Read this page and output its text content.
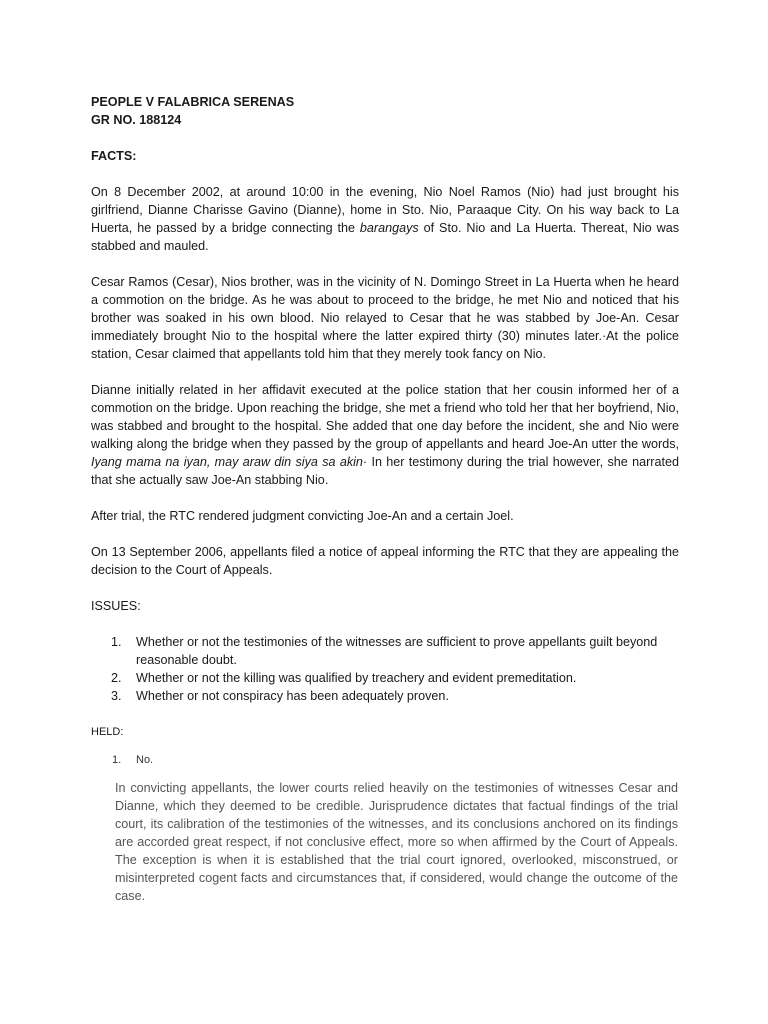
PEOPLE V FALABRICA SERENAS

GR NO. 188124

FACTS:

On 8 December 2002, at around 10:00 in the evening, Nio Noel Ramos (Nio) had just brought his girlfriend, Dianne Charisse Gavino (Dianne), home in Sto. Nio, Paraaque City. On his way back to La Huerta, he passed by a bridge connecting the barangays of Sto. Nio and La Huerta. Thereat, Nio was stabbed and mauled.

Cesar Ramos (Cesar), Nios brother, was in the vicinity of N. Domingo Street in La Huerta when he heard a commotion on the bridge. As he was about to proceed to the bridge, he met Nio and noticed that his brother was soaked in his own blood. Nio relayed to Cesar that he was stabbed by Joe-An. Cesar immediately brought Nio to the hospital where the latter expired thirty (30) minutes later.·At the police station, Cesar claimed that appellants told him that they merely took fancy on Nio.

Dianne initially related in her affidavit executed at the police station that her cousin informed her of a commotion on the bridge. Upon reaching the bridge, she met a friend who told her that her boyfriend, Nio, was stabbed and brought to the hospital. She added that one day before the incident, she and Nio were walking along the bridge when they passed by the group of appellants and heard Joe-An utter the words, Iyang mama na iyan, may araw din siya sa akin· In her testimony during the trial however, she narrated that she actually saw Joe-An stabbing Nio.

After trial, the RTC rendered judgment convicting Joe-An and a certain Joel.

On 13 September 2006, appellants filed a notice of appeal informing the RTC that they are appealing the decision to the Court of Appeals.

ISSUES:

1.	Whether or not the testimonies of the witnesses are sufficient to prove appellants guilt beyond reasonable doubt.
2.	Whether or not the killing was qualified by treachery and evident premeditation.
3.	Whether or not conspiracy has been adequately proven.

HELD:

1.	No.

In convicting appellants, the lower courts relied heavily on the testimonies of witnesses Cesar and Dianne, which they deemed to be credible. Jurisprudence dictates that factual findings of the trial court, its calibration of the testimonies of the witnesses, and its conclusions anchored on its findings are accorded great respect, if not conclusive effect, more so when affirmed by the Court of Appeals. The exception is when it is established that the trial court ignored, overlooked, misconstrued, or misinterpreted cogent facts and circumstances that, if considered, would change the outcome of the case.
